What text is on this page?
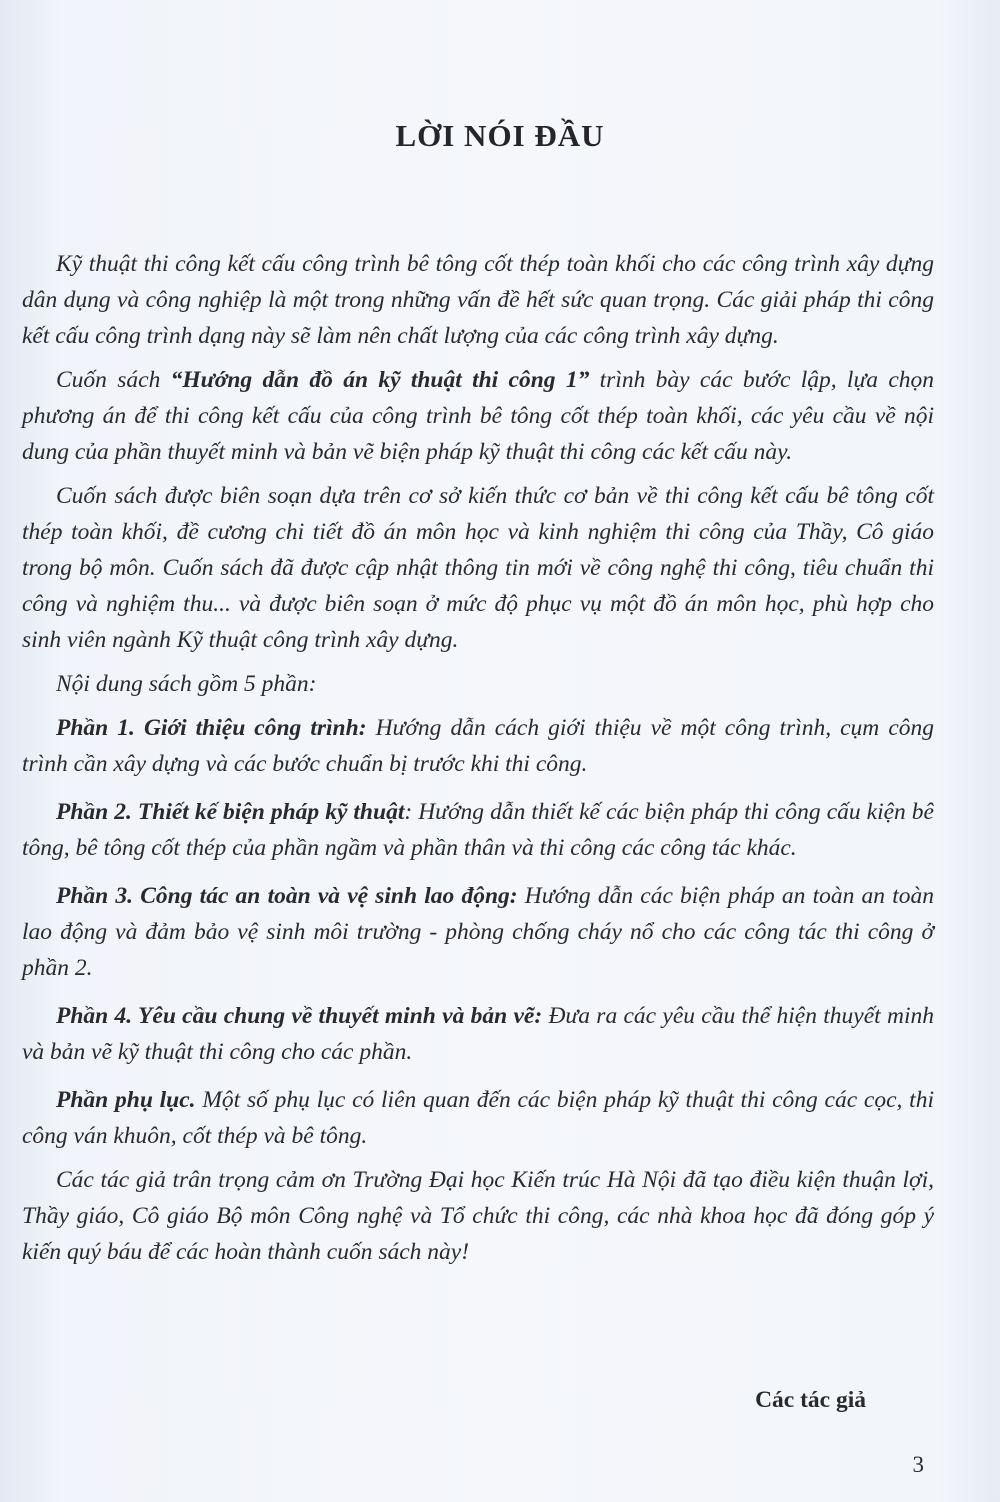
LỜI NÓI ĐẦU

Kỹ thuật thi công kết cấu công trình bê tông cốt thép toàn khối cho các công trình xây dựng dân dụng và công nghiệp là một trong những vấn đề hết sức quan trọng. Các giải pháp thi công kết cấu công trình dạng này sẽ làm nên chất lượng của các công trình xây dựng.

Cuốn sách “Hướng dẫn đồ án kỹ thuật thi công 1” trình bày các bước lập, lựa chọn phương án để thi công kết cấu của công trình bê tông cốt thép toàn khối, các yêu cầu về nội dung của phần thuyết minh và bản vẽ biện pháp kỹ thuật thi công các kết cấu này.

Cuốn sách được biên soạn dựa trên cơ sở kiến thức cơ bản về thi công kết cấu bê tông cốt thép toàn khối, đề cương chi tiết đồ án môn học và kinh nghiệm thi công của Thầy, Cô giáo trong bộ môn. Cuốn sách đã được cập nhật thông tin mới về công nghệ thi công, tiêu chuẩn thi công và nghiệm thu... và được biên soạn ở mức độ phục vụ một đồ án môn học, phù hợp cho sinh viên ngành Kỹ thuật công trình xây dựng.

Nội dung sách gồm 5 phần:

Phần 1. Giới thiệu công trình: Hướng dẫn cách giới thiệu về một công trình, cụm công trình cần xây dựng và các bước chuẩn bị trước khi thi công.

Phần 2. Thiết kế biện pháp kỹ thuật: Hướng dẫn thiết kế các biện pháp thi công cấu kiện bê tông, bê tông cốt thép của phần ngầm và phần thân và thi công các công tác khác.

Phần 3. Công tác an toàn và vệ sinh lao động: Hướng dẫn các biện pháp an toàn an toàn lao động và đảm bảo vệ sinh môi trường - phòng chống cháy nổ cho các công tác thi công ở phần 2.

Phần 4. Yêu cầu chung về thuyết minh và bản vẽ: Đưa ra các yêu cầu thể hiện thuyết minh và bản vẽ kỹ thuật thi công cho các phần.

Phần phụ lục. Một số phụ lục có liên quan đến các biện pháp kỹ thuật thi công các cọc, thi công ván khuôn, cốt thép và bê tông.

Các tác giả trân trọng cảm ơn Trường Đại học Kiến trúc Hà Nội đã tạo điều kiện thuận lợi, Thầy giáo, Cô giáo Bộ môn Công nghệ và Tổ chức thi công, các nhà khoa học đã đóng góp ý kiến quý báu để các hoàn thành cuốn sách này!

Các tác giả
3
